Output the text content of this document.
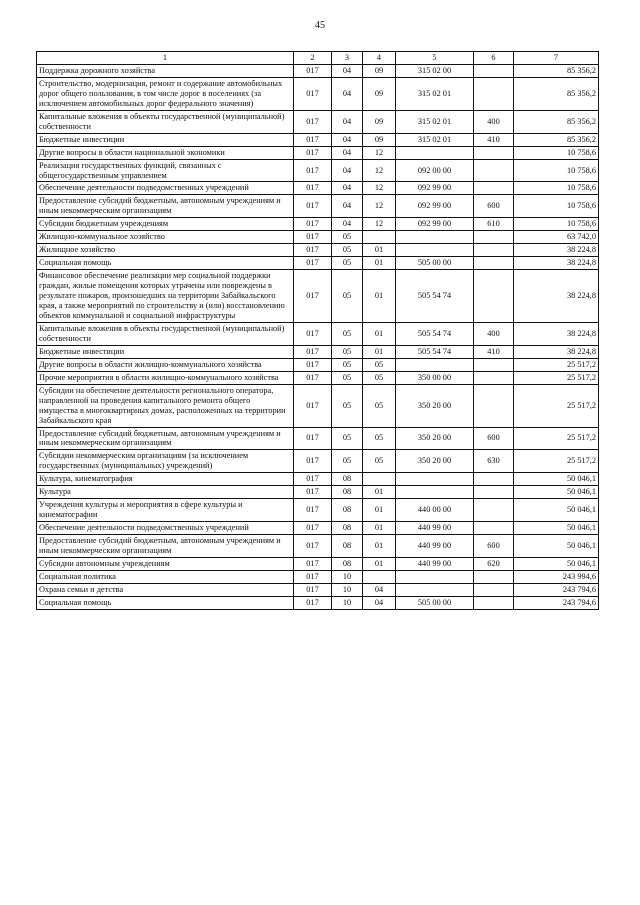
45
1	2	3	4	5	6	7
Поддержка дорожного хозяйства	017	04	09	315 02 00		85 356,2
Строительство, модернизация, ремонт и содержание автомобильных дорог общего пользования, в том числе дорог в поселениях (за исключением автомобильных дорог федерального значения)	017	04	09	315 02 01		85 356,2
Капитальные вложения в объекты государственной (муниципальной) собственности	017	04	09	315 02 01	400	85 356,2
Бюджетные инвестиции	017	04	09	315 02 01	410	85 356,2
Другие вопросы в области национальной экономики	017	04	12			10 758,6
Реализация государственных функций, связанных с общегосударственным управлением	017	04	12	092 00 00		10 758,6
Обеспечение деятельности подведомственных учреждений	017	04	12	092 99 00		10 758,6
Предоставление субсидий бюджетным, автономным учреждениям и иным некоммерческим организациям	017	04	12	092 99 00	600	10 758,6
Субсидии бюджетным учреждениям	017	04	12	092 99 00	610	10 758,6
Жилищно-коммунальное хозяйство	017	05				63 742,0
Жилищное хозяйство	017	05	01			38 224,8
Социальная помощь	017	05	01	505 00 00		38 224,8
Финансовое обеспечение реализации мер социальной поддержки граждан, жилые помещения которых утрачены или повреждены в результате пожаров, произошедших на территории Забайкальского края, а также мероприятий по строительству и (или) восстановлению объектов коммунальной и социальной инфраструктуры	017	05	01	505 54 74		38 224,8
Капитальные вложения в объекты государственной (муниципальной) собственности	017	05	01	505 54 74	400	38 224,8
Бюджетные инвестиции	017	05	01	505 54 74	410	38 224,8
Другие вопросы в области жилищно-коммунального хозяйства	017	05	05			25 517,2
Прочие мероприятия в области жилищно-коммунального хозяйства	017	05	05	350 00 00		25 517,2
Субсидии на обеспечение деятельности регионального оператора, направленной на проведения капитального ремонта общего имущества в многоквартирных домах, расположенных на территории Забайкальского края	017	05	05	350 20 00		25 517,2
Предоставление субсидий бюджетным, автономным учреждениям и иным некоммерческим организациям	017	05	05	350 20 00	600	25 517,2
Субсидии некоммерческим организациям (за исключением государственных (муниципальных) учреждений)	017	05	05	350 20 00	630	25 517,2
Культура, кинематография	017	08				50 046,1
Культура	017	08	01			50 046,1
Учреждения культуры и мероприятия в сфере культуры и кинематографии	017	08	01	440 00 00		50 046,1
Обеспечение деятельности подведомственных учреждений	017	08	01	440 99 00		50 046,1
Предоставление субсидий бюджетным, автономным учреждениям и иным некоммерческим организациям	017	08	01	440 99 00	600	50 046,1
Субсидии автономным учреждениям	017	08	01	440 99 00	620	50 046,1
Социальная политика	017	10				243 994,6
Охрана семьи и детства	017	10	04			243 794,6
Социальная помощь	017	10	04	505 00 00		243 794,6
